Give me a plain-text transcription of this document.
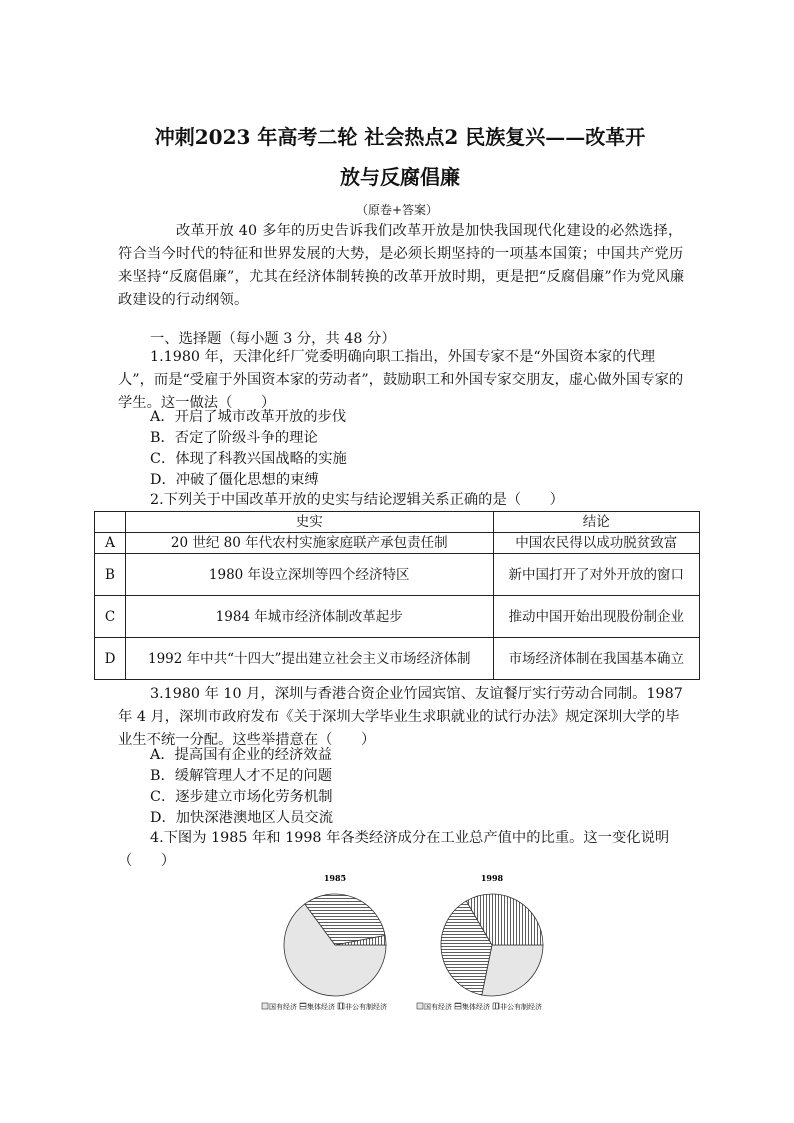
冲刺2023 年高考二轮 社会热点2 民族复兴——改革开
放与反腐倡廉
（原卷+答案）

改革开放 40 多年的历史告诉我们改革开放是加快我国现代化建设的必然选择，符合当今时代的特征和世界发展的大势，是必须长期坚持的一项基本国策；中国共产党历来坚持“反腐倡廉”，尤其在经济体制转换的改革开放时期，更是把“反腐倡廉”作为党风廉政建设的行动纲领。

一、选择题（每小题 3 分，共 48 分）

1.1980 年，天津化纤厂党委明确向职工指出，外国专家不是“外国资本家的代理人”，而是“受雇于外国资本家的劳动者”，鼓励职工和外国专家交朋友，虚心做外国专家的学生。这一做法（　　）

A．开启了城市改革开放的步伐
B．否定了阶级斗争的理论
C．体现了科教兴国战略的实施
D．冲破了僵化思想的束缚
2.下列关于中国改革开放的史实与结论逻辑关系正确的是（　　）
	史实	结论
A	20 世纪 80 年代农村实施家庭联产承包责任制	中国农民得以成功脱贫致富
B	1980 年设立深圳等四个经济特区	新中国打开了对外开放的窗口
C	1984 年城市经济体制改革起步	推动中国开始出现股份制企业
D	1992 年中共“十四大”提出建立社会主义市场经济体制	市场经济体制在我国基本确立

3.1980 年 10 月，深圳与香港合资企业竹园宾馆、友谊餐厅实行劳动合同制。1987 年 4 月，深圳市政府发布《关于深圳大学毕业生求职就业的试行办法》规定深圳大学的毕业生不统一分配。这些举措意在（　　）

A．提高国有企业的经济效益
B．缓解管理人才不足的问题
C．逐步建立市场化劳务机制
D．加快深港澳地区人员交流

4.下图为 1985 年和 1998 年各类经济成分在工业总产值中的比重。这一变化说明（　　）

1985	1998
国有经济 集体经济 非公有制经济	国有经济 集体经济 非公有制经济
